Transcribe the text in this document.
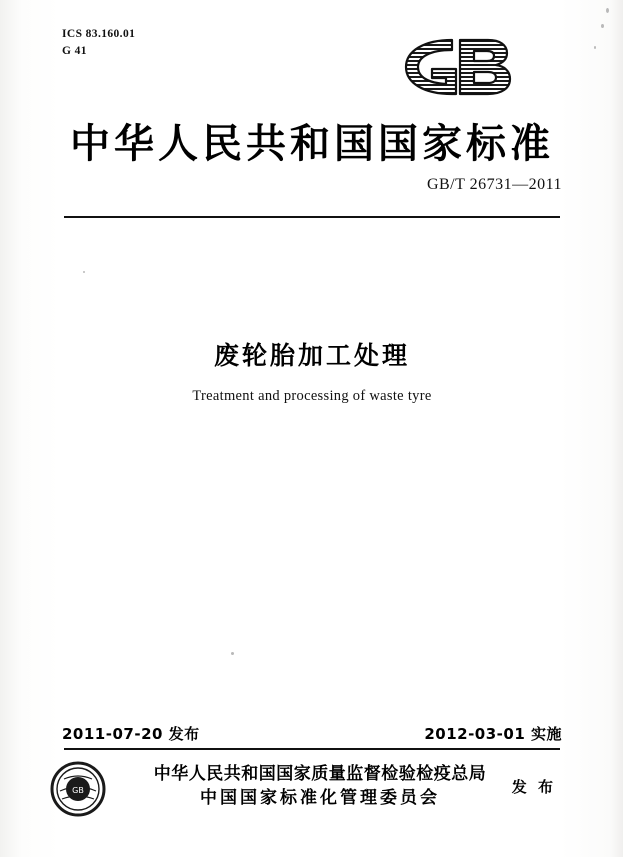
ICS 83.160.01
G 41
中华人民共和国国家标准
GB/T 26731—2011
废轮胎加工处理
Treatment and processing of waste tyre
2011-07-20 发布	2012-03-01 实施
GB
中华人民共和国国家质量监督检验检疫总局
中国国家标准化管理委员会
发 布
